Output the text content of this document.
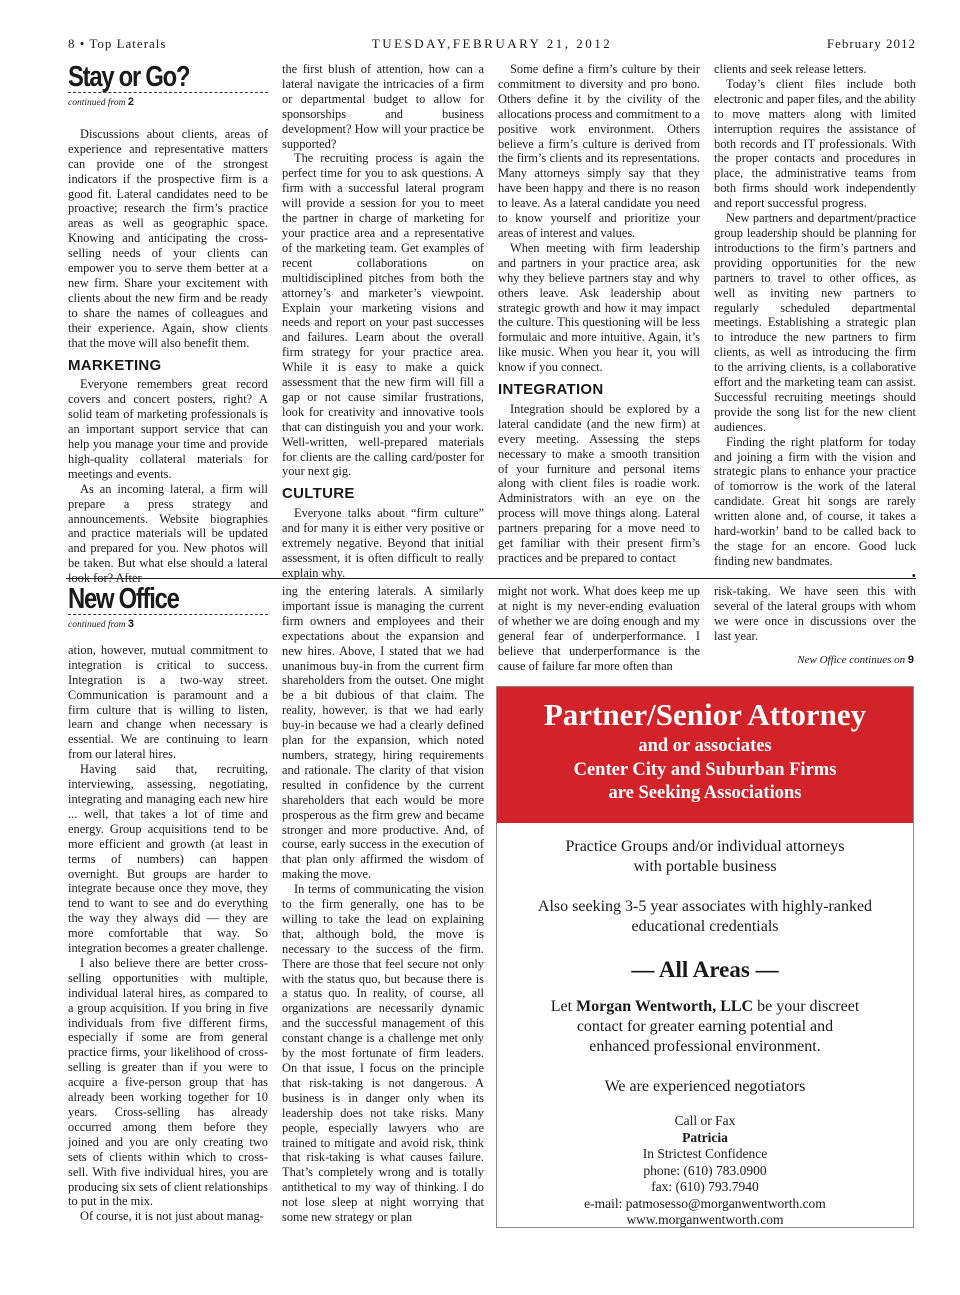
8 • Top Laterals	TUESDAY,FEBRUARY 21, 2012	February 2012
Stay or Go?
continued from 2

Discussions about clients, areas of experience and representative matters can provide one of the strongest indicators if the prospective firm is a good fit. Lateral candidates need to be proactive; research the firm’s practice areas as well as geographic space. Knowing and anticipating the cross-selling needs of your clients can empower you to serve them better at a new firm. Share your excitement with clients about the new firm and be ready to share the names of colleagues and their experience. Again, show clients that the move will also benefit them.

MARKETING

Everyone remembers great record covers and concert posters, right? A solid team of marketing professionals is an important support service that can help you manage your time and provide high-quality collateral materials for meetings and events.

As an incoming lateral, a firm will prepare a press strategy and announcements. Website biographies and practice materials will be updated and prepared for you. New photos will be taken. But what else should a lateral look for? After

the first blush of attention, how can a lateral navigate the intricacies of a firm or departmental budget to allow for sponsorships and business development? How will your practice be supported?

The recruiting process is again the perfect time for you to ask questions. A firm with a successful lateral program will provide a session for you to meet the partner in charge of marketing for your practice area and a representative of the marketing team. Get examples of recent collaborations on multidisciplined pitches from both the attorney’s and marketer’s viewpoint. Explain your marketing visions and needs and report on your past successes and failures. Learn about the overall firm strategy for your practice area. While it is easy to make a quick assessment that the new firm will fill a gap or not cause similar frustrations, look for creativity and innovative tools that can distinguish you and your work. Well-written, well-prepared materials for clients are the calling card/poster for your next gig.

CULTURE

Everyone talks about “firm culture” and for many it is either very positive or extremely negative. Beyond that initial assessment, it is often difficult to really explain why.

Some define a firm’s culture by their commitment to diversity and pro bono. Others define it by the civility of the allocations process and commitment to a positive work environment. Others believe a firm’s culture is derived from the firm’s clients and its representations. Many attorneys simply say that they have been happy and there is no reason to leave. As a lateral candidate you need to know yourself and prioritize your areas of interest and values.

When meeting with firm leadership and partners in your practice area, ask why they believe partners stay and why others leave. Ask leadership about strategic growth and how it may impact the culture. This questioning will be less formulaic and more intuitive. Again, it’s like music. When you hear it, you will know if you connect.

INTEGRATION

Integration should be explored by a lateral candidate (and the new firm) at every meeting. Assessing the steps necessary to make a smooth transition of your furniture and personal items along with client files is roadie work. Administrators with an eye on the process will move things along. Lateral partners preparing for a move need to get familiar with their present firm’s practices and be prepared to contact

clients and seek release letters.

Today’s client files include both electronic and paper files, and the ability to move matters along with limited interruption requires the assistance of both records and IT professionals. With the proper contacts and procedures in place, the administrative teams from both firms should work independently and report successful progress.

New partners and department/practice group leadership should be planning for introductions to the firm’s partners and providing opportunities for the new partners to travel to other offices, as well as inviting new partners to regularly scheduled departmental meetings. Establishing a strategic plan to introduce the new partners to firm clients, as well as introducing the firm to the arriving clients, is a collaborative effort and the marketing team can assist. Successful recruiting meetings should provide the song list for the new client audiences.

Finding the right platform for today and joining a firm with the vision and strategic plans to enhance your practice of tomorrow is the work of the lateral candidate. Great hit songs are rarely written alone and, of course, it takes a hard-workin’ band to be called back to the stage for an encore. Good luck finding new bandmates.

•

New Office
continued from 3

ation, however, mutual commitment to integration is critical to success. Integration is a two-way street. Communication is paramount and a firm culture that is willing to listen, learn and change when necessary is essential. We are continuing to learn from our lateral hires.

Having said that, recruiting, interviewing, assessing, negotiating, integrating and managing each new hire ... well, that takes a lot of time and energy. Group acquisitions tend to be more efficient and growth (at least in terms of numbers) can happen overnight. But groups are harder to integrate because once they move, they tend to want to see and do everything the way they always did — they are more comfortable that way. So integration becomes a greater challenge.

I also believe there are better cross-selling opportunities with multiple, individual lateral hires, as compared to a group acquisition. If you bring in five individuals from five different firms, especially if some are from general practice firms, your likelihood of cross-selling is greater than if you were to acquire a five-person group that has already been working together for 10 years. Cross-selling has already occurred among them before they joined and you are only creating two sets of clients within which to cross-sell. With five individual hires, you are producing six sets of client relationships to put in the mix.

Of course, it is not just about manag-

ing the entering laterals. A similarly important issue is managing the current firm owners and employees and their expectations about the expansion and new hires. Above, I stated that we had unanimous buy-in from the current firm shareholders from the outset. One might be a bit dubious of that claim. The reality, however, is that we had early buy-in because we had a clearly defined plan for the expansion, which noted numbers, strategy, hiring requirements and rationale. The clarity of that vision resulted in confidence by the current shareholders that each would be more prosperous as the firm grew and became stronger and more productive. And, of course, early success in the execution of that plan only affirmed the wisdom of making the move.

In terms of communicating the vision to the firm generally, one has to be willing to take the lead on explaining that, although bold, the move is necessary to the success of the firm. There are those that feel secure not only with the status quo, but because there is a status quo. In reality, of course, all organizations are necessarily dynamic and the successful management of this constant change is a challenge met only by the most fortunate of firm leaders. On that issue, I focus on the principle that risk-taking is not dangerous. A business is in danger only when its leadership does not take risks. Many people, especially lawyers who are trained to mitigate and avoid risk, think that risk-taking is what causes failure. That’s completely wrong and is totally antithetical to my way of thinking. I do not lose sleep at night worrying that some new strategy or plan

might not work. What does keep me up at night is my never-ending evaluation of whether we are doing enough and my general fear of underperformance. I believe that underperformance is the cause of failure far more often than

risk-taking. We have seen this with several of the lateral groups with whom we were once in discussions over the last year.

New Office continues on 9
Partner/Senior Attorney
and or associates
Center City and Suburban Firms
are Seeking Associations
Practice Groups and/or individual attorneys
with portable business
Also seeking 3-5 year associates with highly-ranked
educational credentials
— All Areas —
Let Morgan Wentworth, LLC be your discreet
contact for greater earning potential and
enhanced professional environment.
We are experienced negotiators
Call or Fax
Patricia
In Strictest Confidence
phone: (610) 783.0900
fax: (610) 793.7940
e-mail: patmosesso@morganwentworth.com
www.morganwentworth.com
